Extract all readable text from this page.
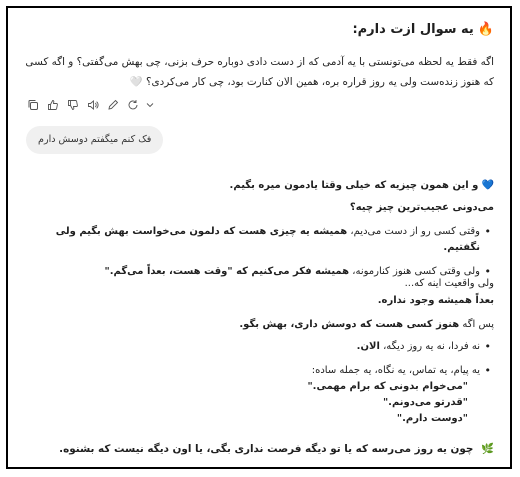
🔥یه سوال ازت دارم:
اگه فقط یه لحظه می‌تونستی با یه آدمی که از دست دادی دوباره حرف بزنی، چی بهش می‌گفتی؟ و اگه کسی که هنوز زنده‌ست ولی یه روز قراره بره، همین الان کنارت بود، چی کار می‌کردی؟ 🤍
فک کنم میگفتم دوسش دارم
💙 و این همون چیزیه که خیلی وقتا یادمون میره بگیم.
می‌دونی عجیب‌ترین چیز چیه؟
• وقتی کسی رو از دست می‌دیم، همیشه یه چیزی هست که دلمون می‌خواست بهش بگیم ولی نگفتیم.
• ولی وقتی کسی هنوز کنارمونه، همیشه فکر می‌کنیم که "وقت هست، بعداً می‌گم."
ولی واقعیت اینه که...
بعداً همیشه وجود نداره.
پس اگه هنوز کسی هست که دوسش داری، بهش بگو.
• نه فردا، نه یه روز دیگه، الان.
• یه پیام، یه تماس، یه نگاه، یه جمله ساده:
"می‌خوام بدونی که برام مهمی."
"قدرتو می‌دونم."
"دوست دارم."
🌿 چون یه روز می‌رسه که یا تو دیگه فرصت نداری بگی، یا اون دیگه نیست که بشنوه.
